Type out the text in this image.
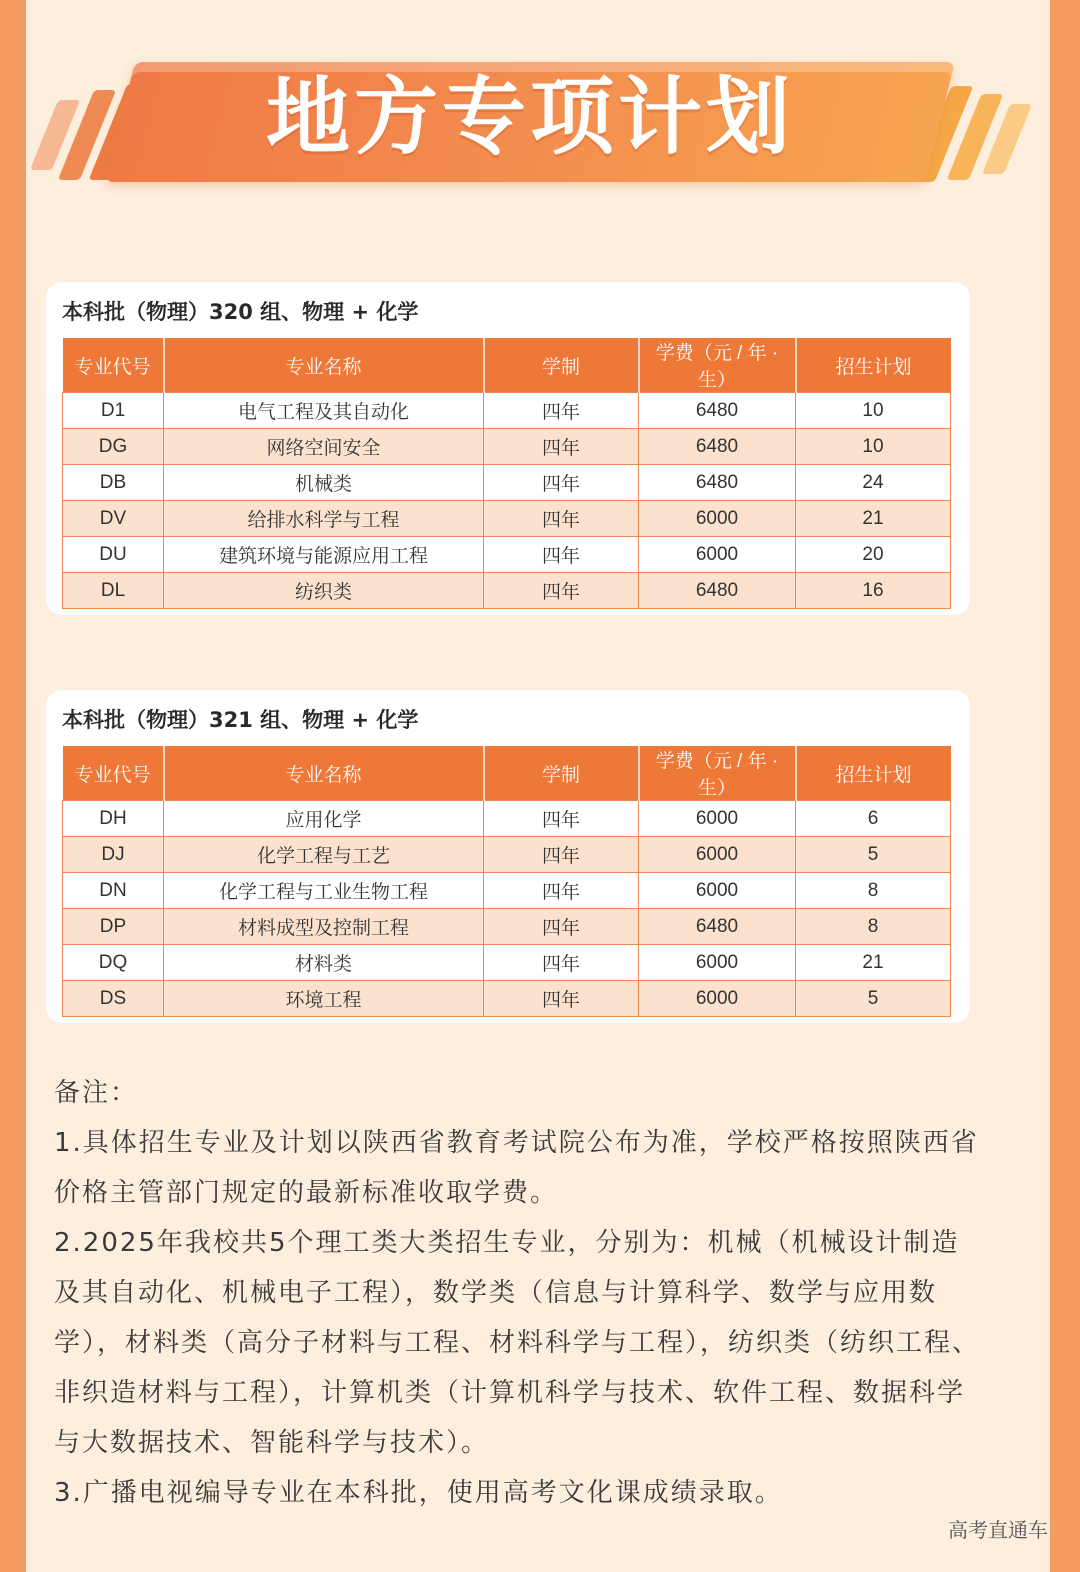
地方专项计划
本科批（物理）320 组、物理 + 化学
专业代号	专业名称	学制	学费（元 / 年 · 生）	招生计划
D1	电气工程及其自动化	四年	6480	10
DG	网络空间安全	四年	6480	10
DB	机械类	四年	6480	24
DV	给排水科学与工程	四年	6000	21
DU	建筑环境与能源应用工程	四年	6000	20
DL	纺织类	四年	6480	16
本科批（物理）321 组、物理 + 化学
专业代号	专业名称	学制	学费（元 / 年 · 生）	招生计划
DH	应用化学	四年	6000	6
DJ	化学工程与工艺	四年	6000	5
DN	化学工程与工业生物工程	四年	6000	8
DP	材料成型及控制工程	四年	6480	8
DQ	材料类	四年	6000	21
DS	环境工程	四年	6000	5

备注：

1.具体招生专业及计划以陕西省教育考试院公布为准，学校严格按照陕西省价格主管部门规定的最新标准收取学费。

2.2025年我校共5个理工类大类招生专业，分别为：机械（机械设计制造及其自动化、机械电子工程），数学类（信息与计算科学、数学与应用数学），材料类（高分子材料与工程、材料科学与工程），纺织类（纺织工程、非织造材料与工程），计算机类（计算机科学与技术、软件工程、数据科学与大数据技术、智能科学与技术）。

3.广播电视编导专业在本科批，使用高考文化课成绩录取。

高考直通车
